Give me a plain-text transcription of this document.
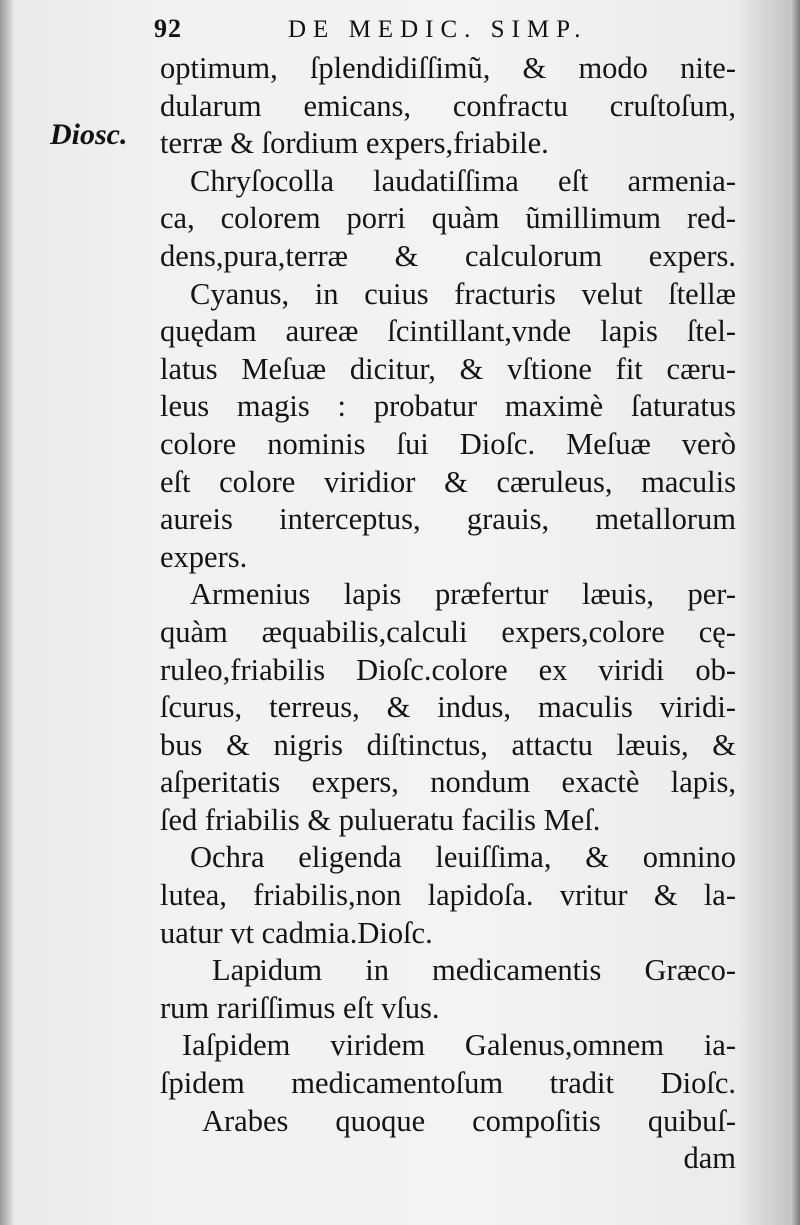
92	DE MEDIC. SIMP.
Diosc.
optimum, ſplendidiſſimũ, & modo nite-
dularum emicans, confractu cruſtoſum,
terræ & ſordium expers,friabile.
Chryſocolla laudatiſſima eſt armenia-
ca, colorem porri quàm ũmillimum red-
dens,pura,terræ & calculorum expers.
Cyanus, in cuius fracturis velut ſtellæ
quędam aureæ ſcintillant,vnde lapis ſtel-
latus Meſuæ dicitur, & vſtione fit cæru-
leus magis : probatur maximè ſaturatus
colore nominis ſui Dioſc. Meſuæ verò
eſt colore viridior & cæruleus, maculis
aureis interceptus, grauis, metallorum
expers.
Armenius lapis præfertur læuis, per-
quàm æquabilis,calculi expers,colore cę-
ruleo,friabilis Dioſc.colore ex viridi ob-
ſcurus, terreus, & indus, maculis viridi-
bus & nigris diſtinctus, attactu læuis, &
aſperitatis expers, nondum exactè lapis,
ſed friabilis & pulueratu facilis Meſ.
Ochra eligenda leuiſſima, & omnino
lutea, friabilis,non lapidoſa. vritur & la-
uatur vt cadmia.Dioſc.
Lapidum in medicamentis Græco-
rum rariſſimus eſt vſus.
Iaſpidem viridem Galenus,omnem ia-
ſpidem medicamentoſum tradit Dioſc.
Arabes quoque compoſitis quibuſ-
dam
